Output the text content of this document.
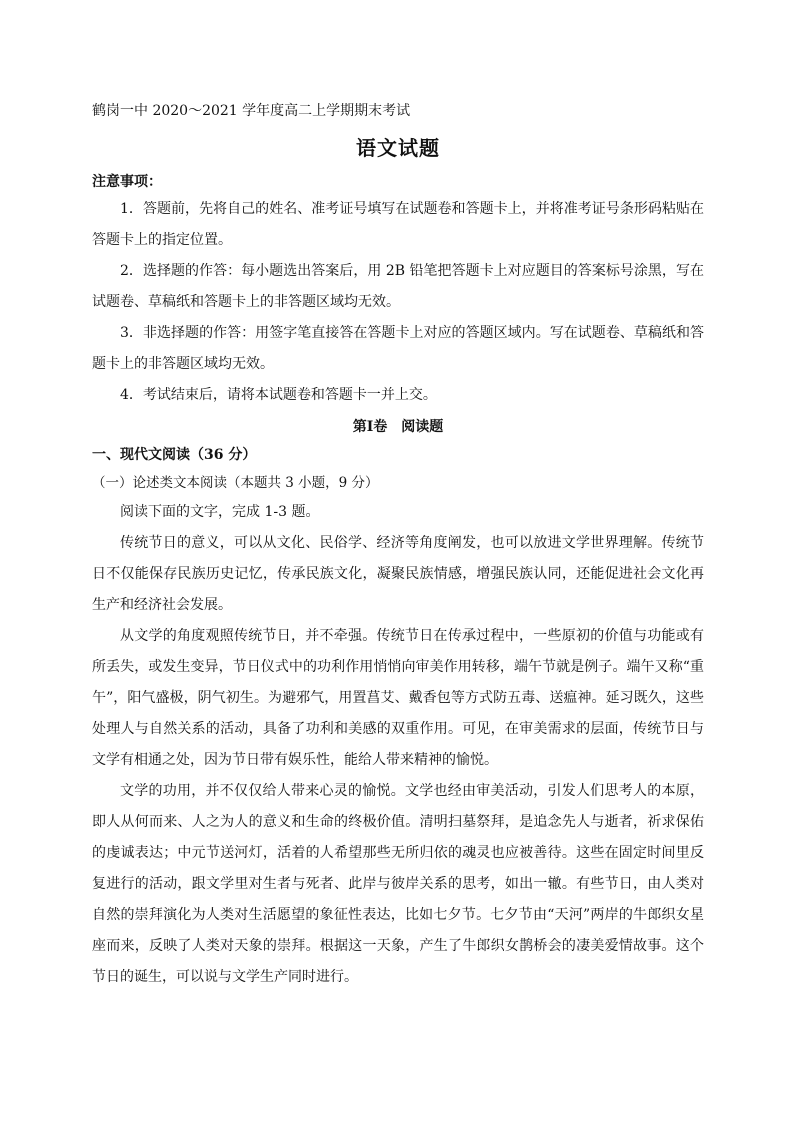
鹤岗一中 2020～2021 学年度高二上学期期末考试
语文试题
注意事项：

1．答题前，先将自己的姓名、准考证号填写在试题卷和答题卡上，并将准考证号条形码粘贴在答题卡上的指定位置。

2．选择题的作答：每小题选出答案后，用 2B 铅笔把答题卡上对应题目的答案标号涂黑，写在试题卷、草稿纸和答题卡上的非答题区域均无效。

3．非选择题的作答：用签字笔直接答在答题卡上对应的答题区域内。写在试题卷、草稿纸和答题卡上的非答题区域均无效。

4．考试结束后，请将本试题卷和答题卡一并上交。

第Ⅰ卷　阅读题
一、现代文阅读（36 分）
（一）论述类文本阅读（本题共 3 小题，9 分）

阅读下面的文字，完成 1-3 题。

传统节日的意义，可以从文化、民俗学、经济等角度阐发，也可以放进文学世界理解。传统节日不仅能保存民族历史记忆，传承民族文化，凝聚民族情感，增强民族认同，还能促进社会文化再生产和经济社会发展。

从文学的角度观照传统节日，并不牵强。传统节日在传承过程中，一些原初的价值与功能或有所丢失，或发生变异，节日仪式中的功利作用悄悄向审美作用转移，端午节就是例子。端午又称“重午”，阳气盛极，阴气初生。为避邪气，用置菖艾、戴香包等方式防五毒、送瘟神。延习既久，这些处理人与自然关系的活动，具备了功利和美感的双重作用。可见，在审美需求的层面，传统节日与文学有相通之处，因为节日带有娱乐性，能给人带来精神的愉悦。

文学的功用，并不仅仅给人带来心灵的愉悦。文学也经由审美活动，引发人们思考人的本原，即人从何而来、人之为人的意义和生命的终极价值。清明扫墓祭拜，是追念先人与逝者，祈求保佑的虔诚表达；中元节送河灯，活着的人希望那些无所归依的魂灵也应被善待。这些在固定时间里反复进行的活动，跟文学里对生者与死者、此岸与彼岸关系的思考，如出一辙。有些节日，由人类对自然的崇拜演化为人类对生活愿望的象征性表达，比如七夕节。七夕节由“天河”两岸的牛郎织女星座而来，反映了人类对天象的崇拜。根据这一天象，产生了牛郎织女鹊桥会的凄美爱情故事。这个节日的诞生，可以说与文学生产同时进行。
